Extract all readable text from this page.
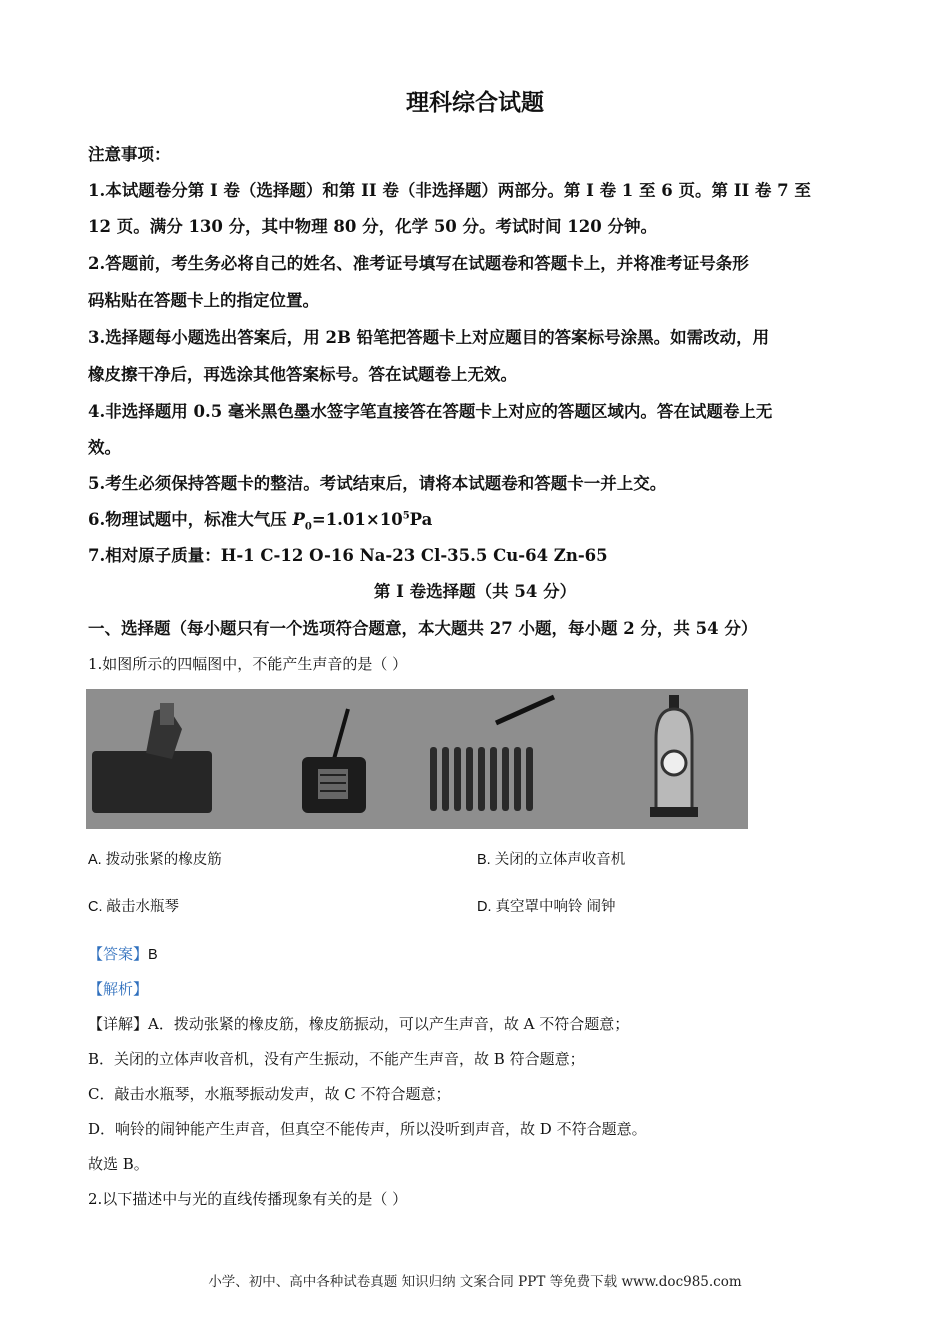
理科综合试题
注意事项：
1.本试题卷分第 I 卷（选择题）和第 II 卷（非选择题）两部分。第 I 卷 1 至 6 页。第 II 卷 7 至
12 页。满分 130 分，其中物理 80 分，化学 50 分。考试时间 120 分钟。
2.答题前，考生务必将自己的姓名、准考证号填写在试题卷和答题卡上，并将准考证号条形
码粘贴在答题卡上的指定位置。
3.选择题每小题选出答案后，用 2B 铅笔把答题卡上对应题目的答案标号涂黑。如需改动，用
橡皮擦干净后，再选涂其他答案标号。答在试题卷上无效。
4.非选择题用 0.5 毫米黑色墨水签字笔直接答在答题卡上对应的答题区域内。答在试题卷上无
效。
5.考生必须保持答题卡的整洁。考试结束后，请将本试题卷和答题卡一并上交。
6.物理试题中，标准大气压 $P_0=1.01\times 10^5Pa$
7.相对原子质量：H-1 C-12 O-16 Na-23 Cl-35.5 Cu-64 Zn-65
第 I 卷选择题（共 54 分）
一、选择题（每小题只有一个选项符合题意，本大题共 27 小题，每小题 2 分，共 54 分）
1.如图所示的四幅图中，不能产生声音的是（ ）
A. 拨动张紧的橡皮筋	B. 关闭的立体声收音机
C. 敲击水瓶琴	D. 真空罩中响铃 闹钟
【答案】B
【解析】
【详解】A．拨动张紧的橡皮筋，橡皮筋振动，可以产生声音，故 A 不符合题意；
B．关闭的立体声收音机，没有产生振动，不能产生声音，故 B 符合题意；
C．敲击水瓶琴，水瓶琴振动发声，故 C 不符合题意；
D．响铃的闹钟能产生声音，但真空不能传声，所以没听到声音，故 D 不符合题意。
故选 B。
2.以下描述中与光的直线传播现象有关的是（ ）
小学、初中、高中各种试卷真题 知识归纳 文案合同 PPT 等免费下载 www.doc985.com
